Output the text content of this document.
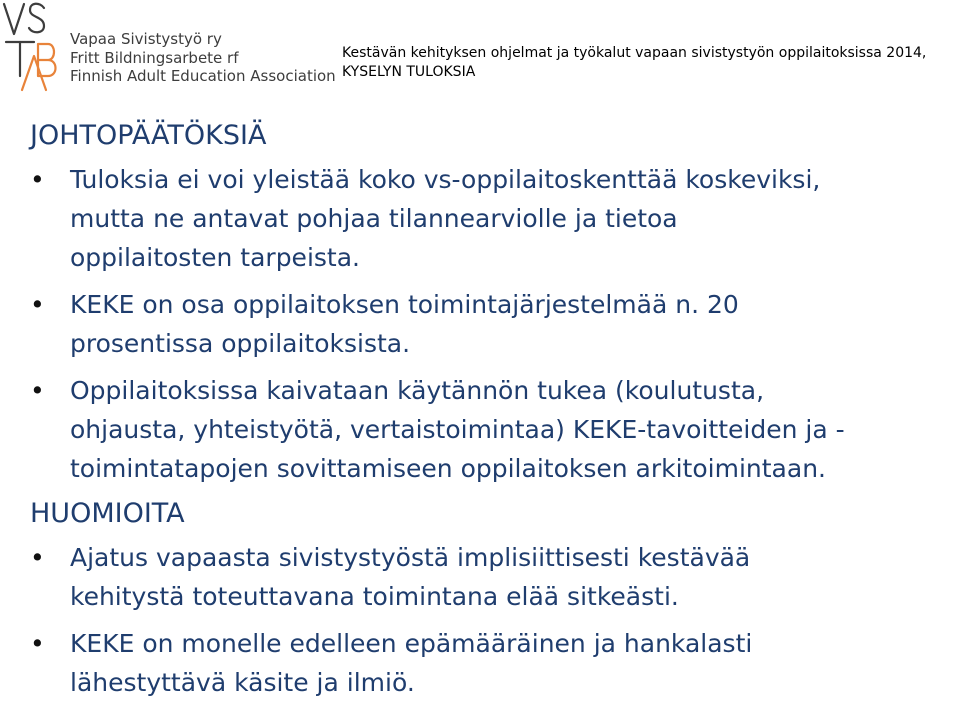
Vapaa Sivistystyö ry
Fritt Bildningsarbete rf
Finnish Adult Education Association
Kestävän kehityksen ohjelmat ja työkalut vapaan sivistystyön oppilaitoksissa 2014,
KYSELYN TULOKSIA
JOHTOPÄÄTÖKSIÄ
• Tuloksia ei voi yleistää koko vs-oppilaitoskenttää koskeviksi,
mutta ne antavat pohjaa tilannearviolle ja tietoa
oppilaitosten tarpeista.
• KEKE on osa oppilaitoksen toimintajärjestelmää n. 20
prosentissa oppilaitoksista.
• Oppilaitoksissa kaivataan käytännön tukea (koulutusta,
ohjausta, yhteistyötä, vertaistoimintaa) KEKE-tavoitteiden ja -
toimintatapojen sovittamiseen oppilaitoksen arkitoimintaan.
HUOMIOITA
• Ajatus vapaasta sivistystyöstä implisiittisesti kestävää
kehitystä toteuttavana toimintana elää sitkeästi.
• KEKE on monelle edelleen epämääräinen ja hankalasti
lähestyttävä käsite ja ilmiö.
